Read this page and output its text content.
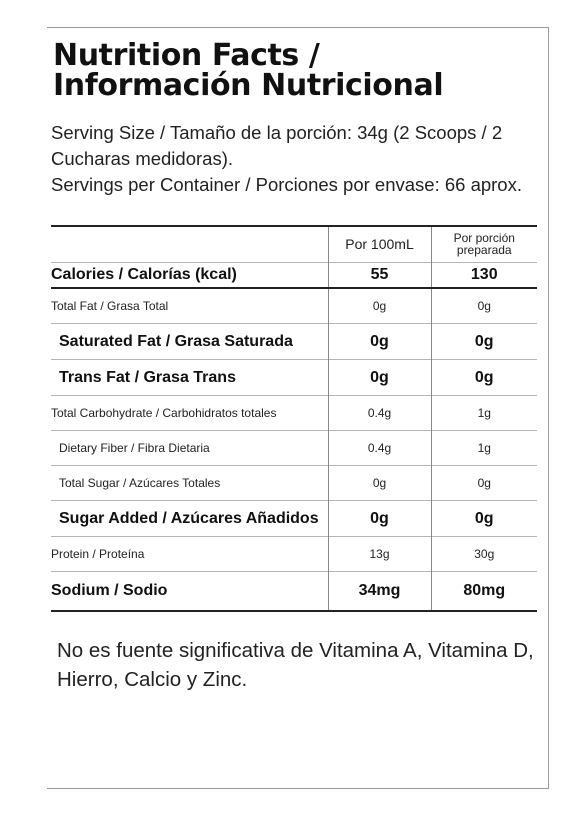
Nutrition Facts /
Información Nutricional
Serving Size / Tamaño de la porción: 34g (2 Scoops / 2 Cucharas medidoras).
Servings per Container / Porciones por envase: 66 aprox.
	Por 100mL	Por porción
preparada

Calories / Calorías (kcal)	55	130
Total Fat / Grasa Total	0g	0g
Saturated Fat / Grasa Saturada	0g	0g
Trans Fat / Grasa Trans	0g	0g
Total Carbohydrate / Carbohidratos totales	0.4g	1g
Dietary Fiber / Fibra Dietaria	0.4g	1g
Total Sugar / Azúcares Totales	0g	0g
Sugar Added / Azúcares Añadidos	0g	0g
Protein / Proteína	13g	30g
Sodium / Sodio	34mg	80mg
No es fuente significativa de Vitamina A, Vitamina D, Hierro, Calcio y Zinc.
